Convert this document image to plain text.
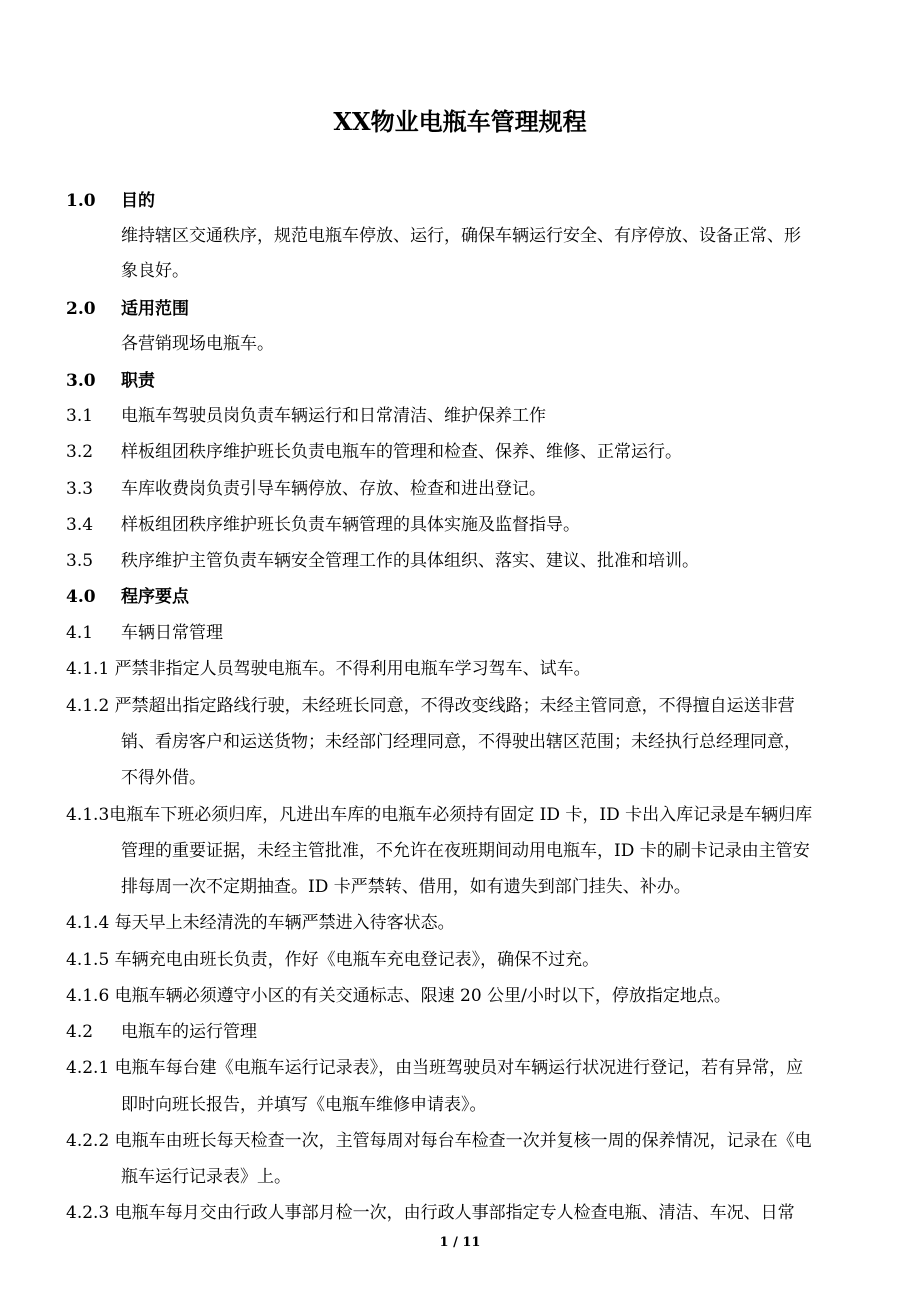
XX物业电瓶车管理规程
1.0 目的
维持辖区交通秩序，规范电瓶车停放、运行，确保车辆运行安全、有序停放、设备正常、形
象良好。
2.0 适用范围
各营销现场电瓶车。
3.0 职责
3.1 电瓶车驾驶员岗负责车辆运行和日常清洁、维护保养工作
3.2 样板组团秩序维护班长负责电瓶车的管理和检查、保养、维修、正常运行。
3.3 车库收费岗负责引导车辆停放、存放、检查和进出登记。
3.4 样板组团秩序维护班长负责车辆管理的具体实施及监督指导。
3.5 秩序维护主管负责车辆安全管理工作的具体组织、落实、建议、批准和培训。
4.0 程序要点
4.1 车辆日常管理
4.1.1 严禁非指定人员驾驶电瓶车。不得利用电瓶车学习驾车、试车。
4.1.2 严禁超出指定路线行驶，未经班长同意，不得改变线路；未经主管同意，不得擅自运送非营
销、看房客户和运送货物；未经部门经理同意，不得驶出辖区范围；未经执行总经理同意，
不得外借。
4.1.3电瓶车下班必须归库，凡进出车库的电瓶车必须持有固定 ID 卡，ID 卡出入库记录是车辆归库
管理的重要证据，未经主管批准，不允许在夜班期间动用电瓶车，ID 卡的刷卡记录由主管安
排每周一次不定期抽查。ID 卡严禁转、借用，如有遗失到部门挂失、补办。
4.1.4 每天早上未经清洗的车辆严禁进入待客状态。
4.1.5 车辆充电由班长负责，作好《电瓶车充电登记表》，确保不过充。
4.1.6 电瓶车辆必须遵守小区的有关交通标志、限速 20 公里/小时以下，停放指定地点。
4.2 电瓶车的运行管理
4.2.1 电瓶车每台建《电瓶车运行记录表》，由当班驾驶员对车辆运行状况进行登记，若有异常，应
即时向班长报告，并填写《电瓶车维修申请表》。
4.2.2 电瓶车由班长每天检查一次，主管每周对每台车检查一次并复核一周的保养情况，记录在《电
瓶车运行记录表》上。
4.2.3 电瓶车每月交由行政人事部月检一次，由行政人事部指定专人检查电瓶、清洁、车况、日常
1 / 11
